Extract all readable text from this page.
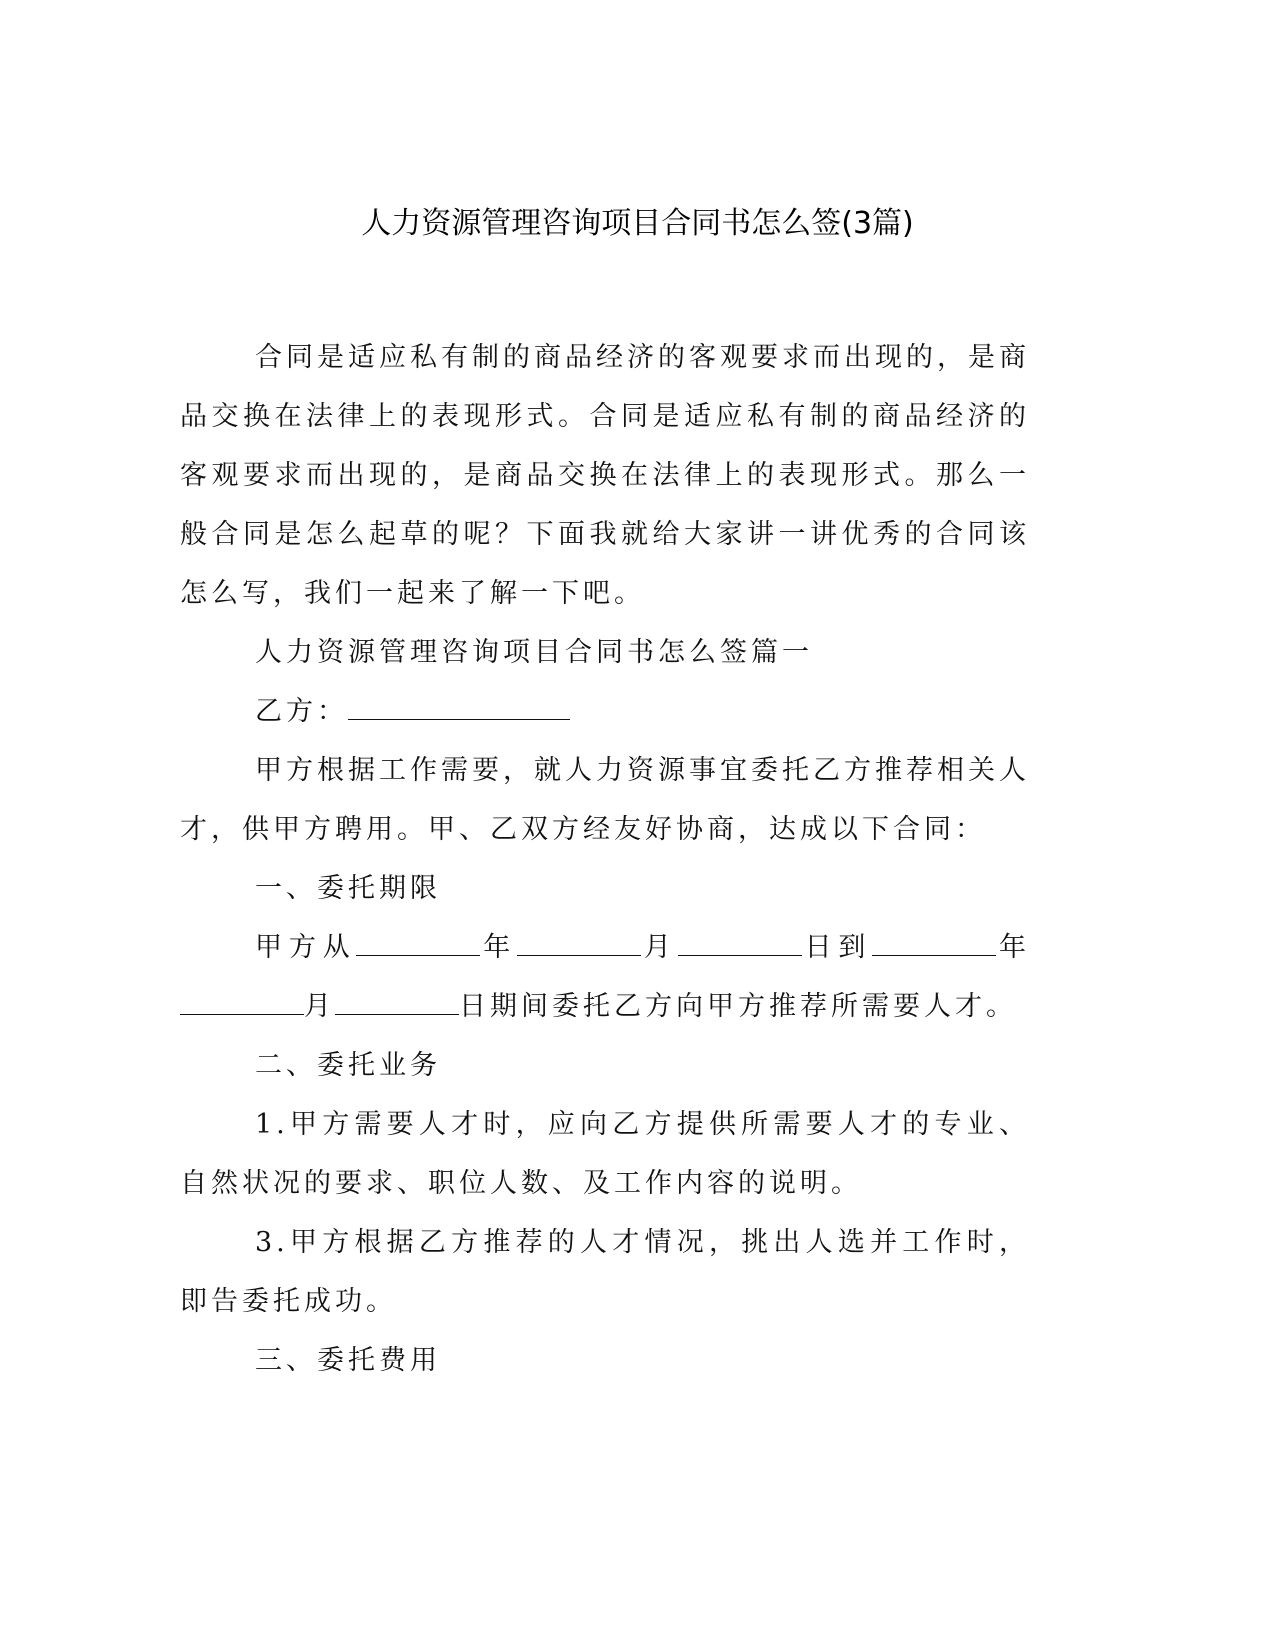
人力资源管理咨询项目合同书怎么签(3篇)

合同是适应私有制的商品经济的客观要求而出现的，是商品交换在法律上的表现形式。合同是适应私有制的商品经济的客观要求而出现的，是商品交换在法律上的表现形式。那么一般合同是怎么起草的呢？下面我就给大家讲一讲优秀的合同该怎么写，我们一起来了解一下吧。

人力资源管理咨询项目合同书怎么签篇一

乙方：

甲方根据工作需要，就人力资源事宜委托乙方推荐相关人才，供甲方聘用。甲、乙双方经友好协商，达成以下合同：

一、委托期限

甲方从	年	月	日到	年月	日期间委托乙方向甲方推荐所需要人才。

二、委托业务

1.甲方需要人才时，应向乙方提供所需要人才的专业、自然状况的要求、职位人数、及工作内容的说明。

3.甲方根据乙方推荐的人才情况，挑出人选并工作时，即告委托成功。

三、委托费用
